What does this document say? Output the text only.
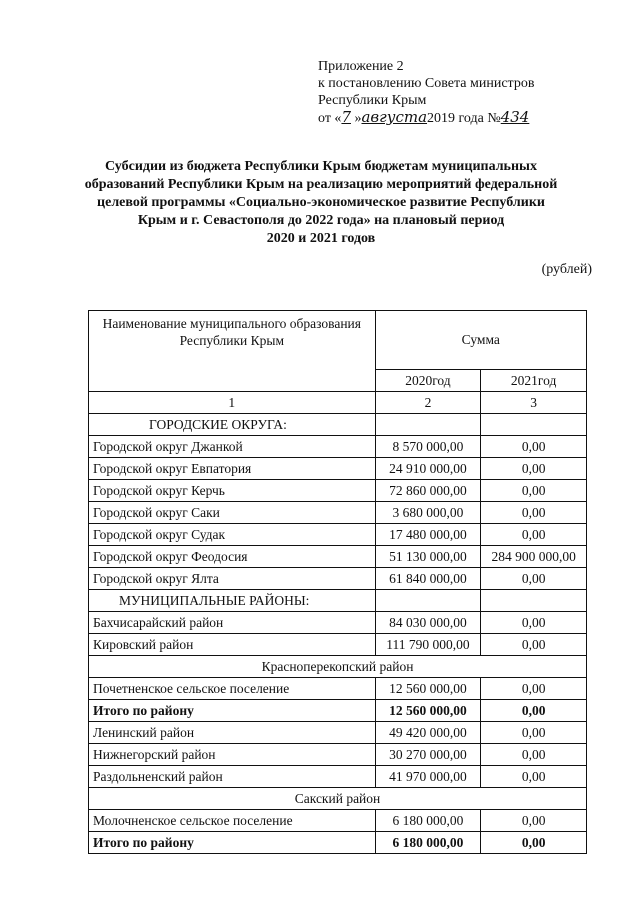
Приложение 2
к постановлению Совета министров
Республики Крым
от «7 »августа2019 года №434
Субсидии из бюджета Республики Крым бюджетам муниципальных
образований Республики Крым на реализацию мероприятий федеральной
целевой программы «Социально-экономическое развитие Республики
Крым и г. Севастополя до 2022 года» на плановый период
2020 и 2021 годов
(рублей)
Наименование муниципального образования Республики Крым	Сумма	
	2020год	2021год
1	2	3
ГОРОДСКИЕ ОКРУГА:		
Городской округ Джанкой	8 570 000,00	0,00
Городской округ Евпатория	24 910 000,00	0,00
Городской округ Керчь	72 860 000,00	0,00
Городской округ Саки	3 680 000,00	0,00
Городской округ Судак	17 480 000,00	0,00
Городской округ Феодосия	51 130 000,00	284 900 000,00
Городской округ Ялта	61 840 000,00	0,00
МУНИЦИПАЛЬНЫЕ РАЙОНЫ:		
Бахчисарайский район	84 030 000,00	0,00
Кировский район	111 790 000,00	0,00
Красноперекопский район		
Почетненское сельское поселение	12 560 000,00	0,00
Итого по району	12 560 000,00	0,00
Ленинский район	49 420 000,00	0,00
Нижнегорский район	30 270 000,00	0,00
Раздольненский район	41 970 000,00	0,00
Сакский район		
Молочненское сельское поселение	6 180 000,00	0,00
Итого по району	6 180 000,00	0,00
